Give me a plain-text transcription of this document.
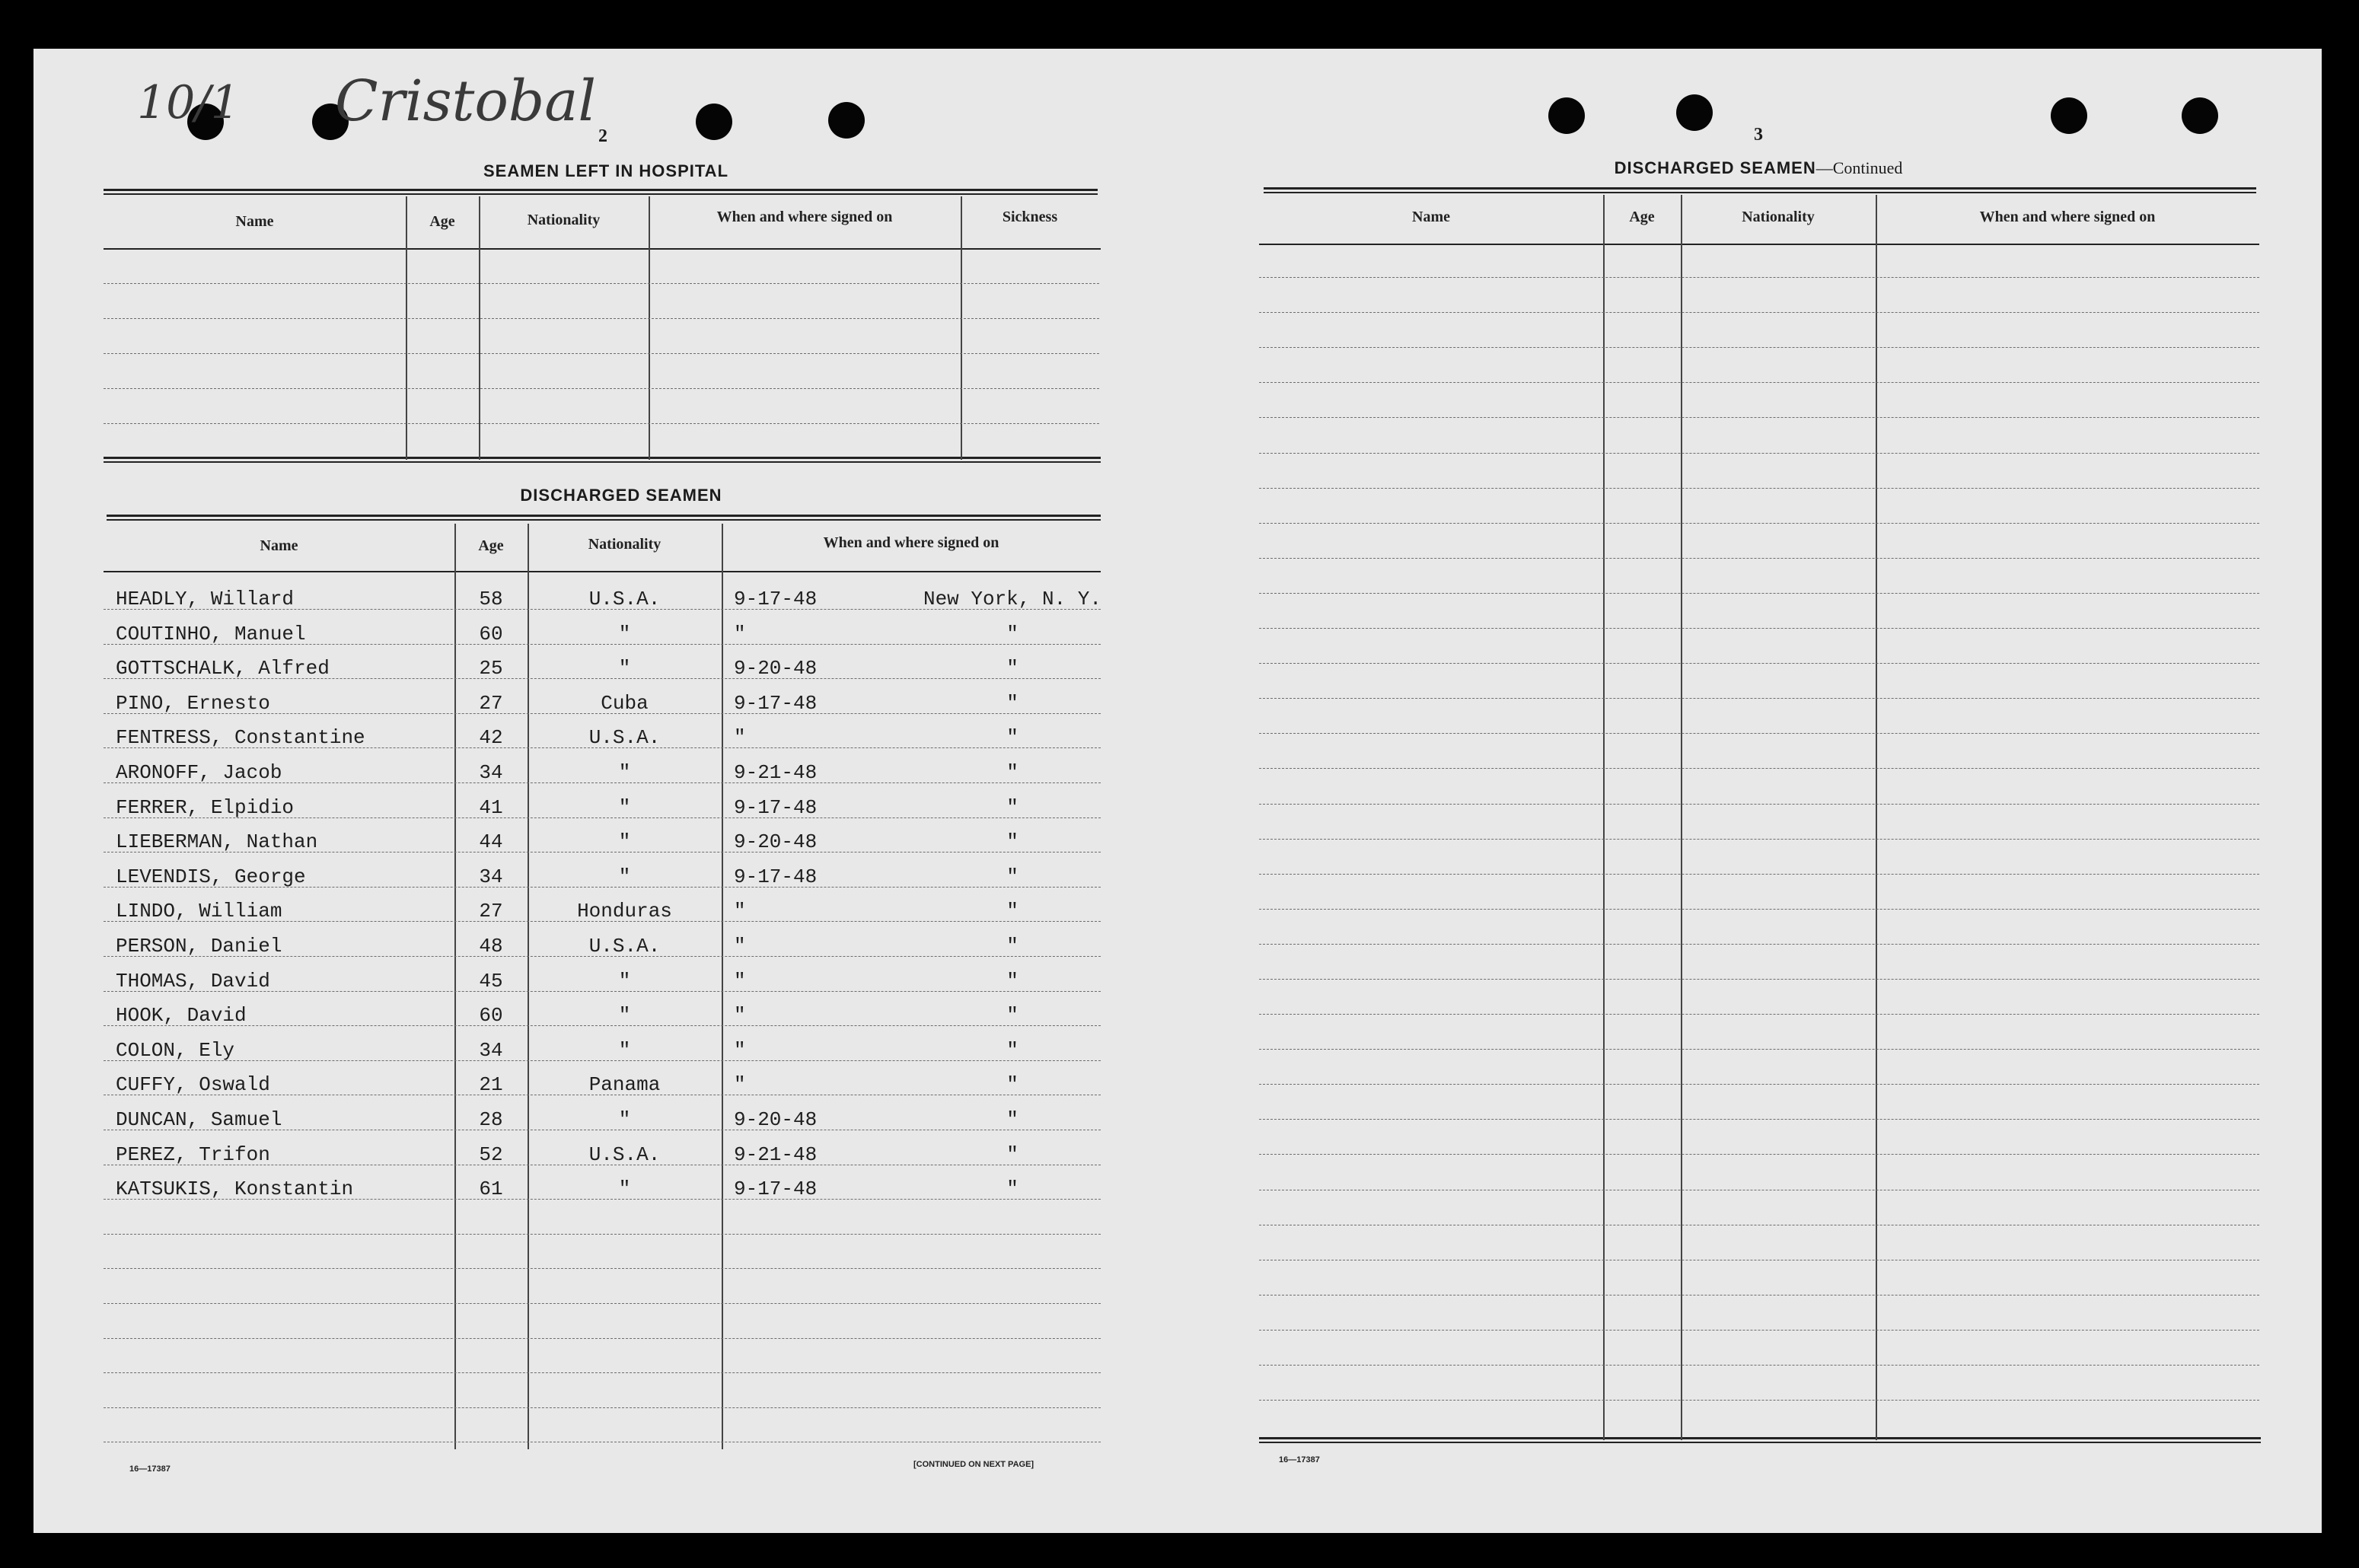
10/1 Cristobal
2
SEAMEN LEFT IN HOSPITAL
Name	Age	Nationality	When and where signed on	Sickness
DISCHARGED SEAMEN
Name	Age	Nationality	When and where signed on
HEADLY, Willard	58	U.S.A.	9-17-48	New York, N. Y.
COUTINHO, Manuel	60	"	"	"
GOTTSCHALK, Alfred	25	"	9-20-48	"
PINO, Ernesto	27	Cuba	9-17-48	"
FENTRESS, Constantine	42	U.S.A.	"	"
ARONOFF, Jacob	34	"	9-21-48	"
FERRER, Elpidio	41	"	9-17-48	"
LIEBERMAN, Nathan	44	"	9-20-48	"
LEVENDIS, George	34	"	9-17-48	"
LINDO, William	27	Honduras	"	"
PERSON, Daniel	48	U.S.A.	"	"
THOMAS, David	45	"	"	"
HOOK, David	60	"	"	"
COLON, Ely	34	"	"	"
CUFFY, Oswald	21	Panama	"	"
DUNCAN, Samuel	28	"	9-20-48	"
PEREZ, Trifon	52	U.S.A.	9-21-48	"
KATSUKIS, Konstantin	61	"	9-17-48	"
16—17387	[CONTINUED ON NEXT PAGE]
3
DISCHARGED SEAMEN—Continued
Name	Age	Nationality	When and where signed on
16—17387
